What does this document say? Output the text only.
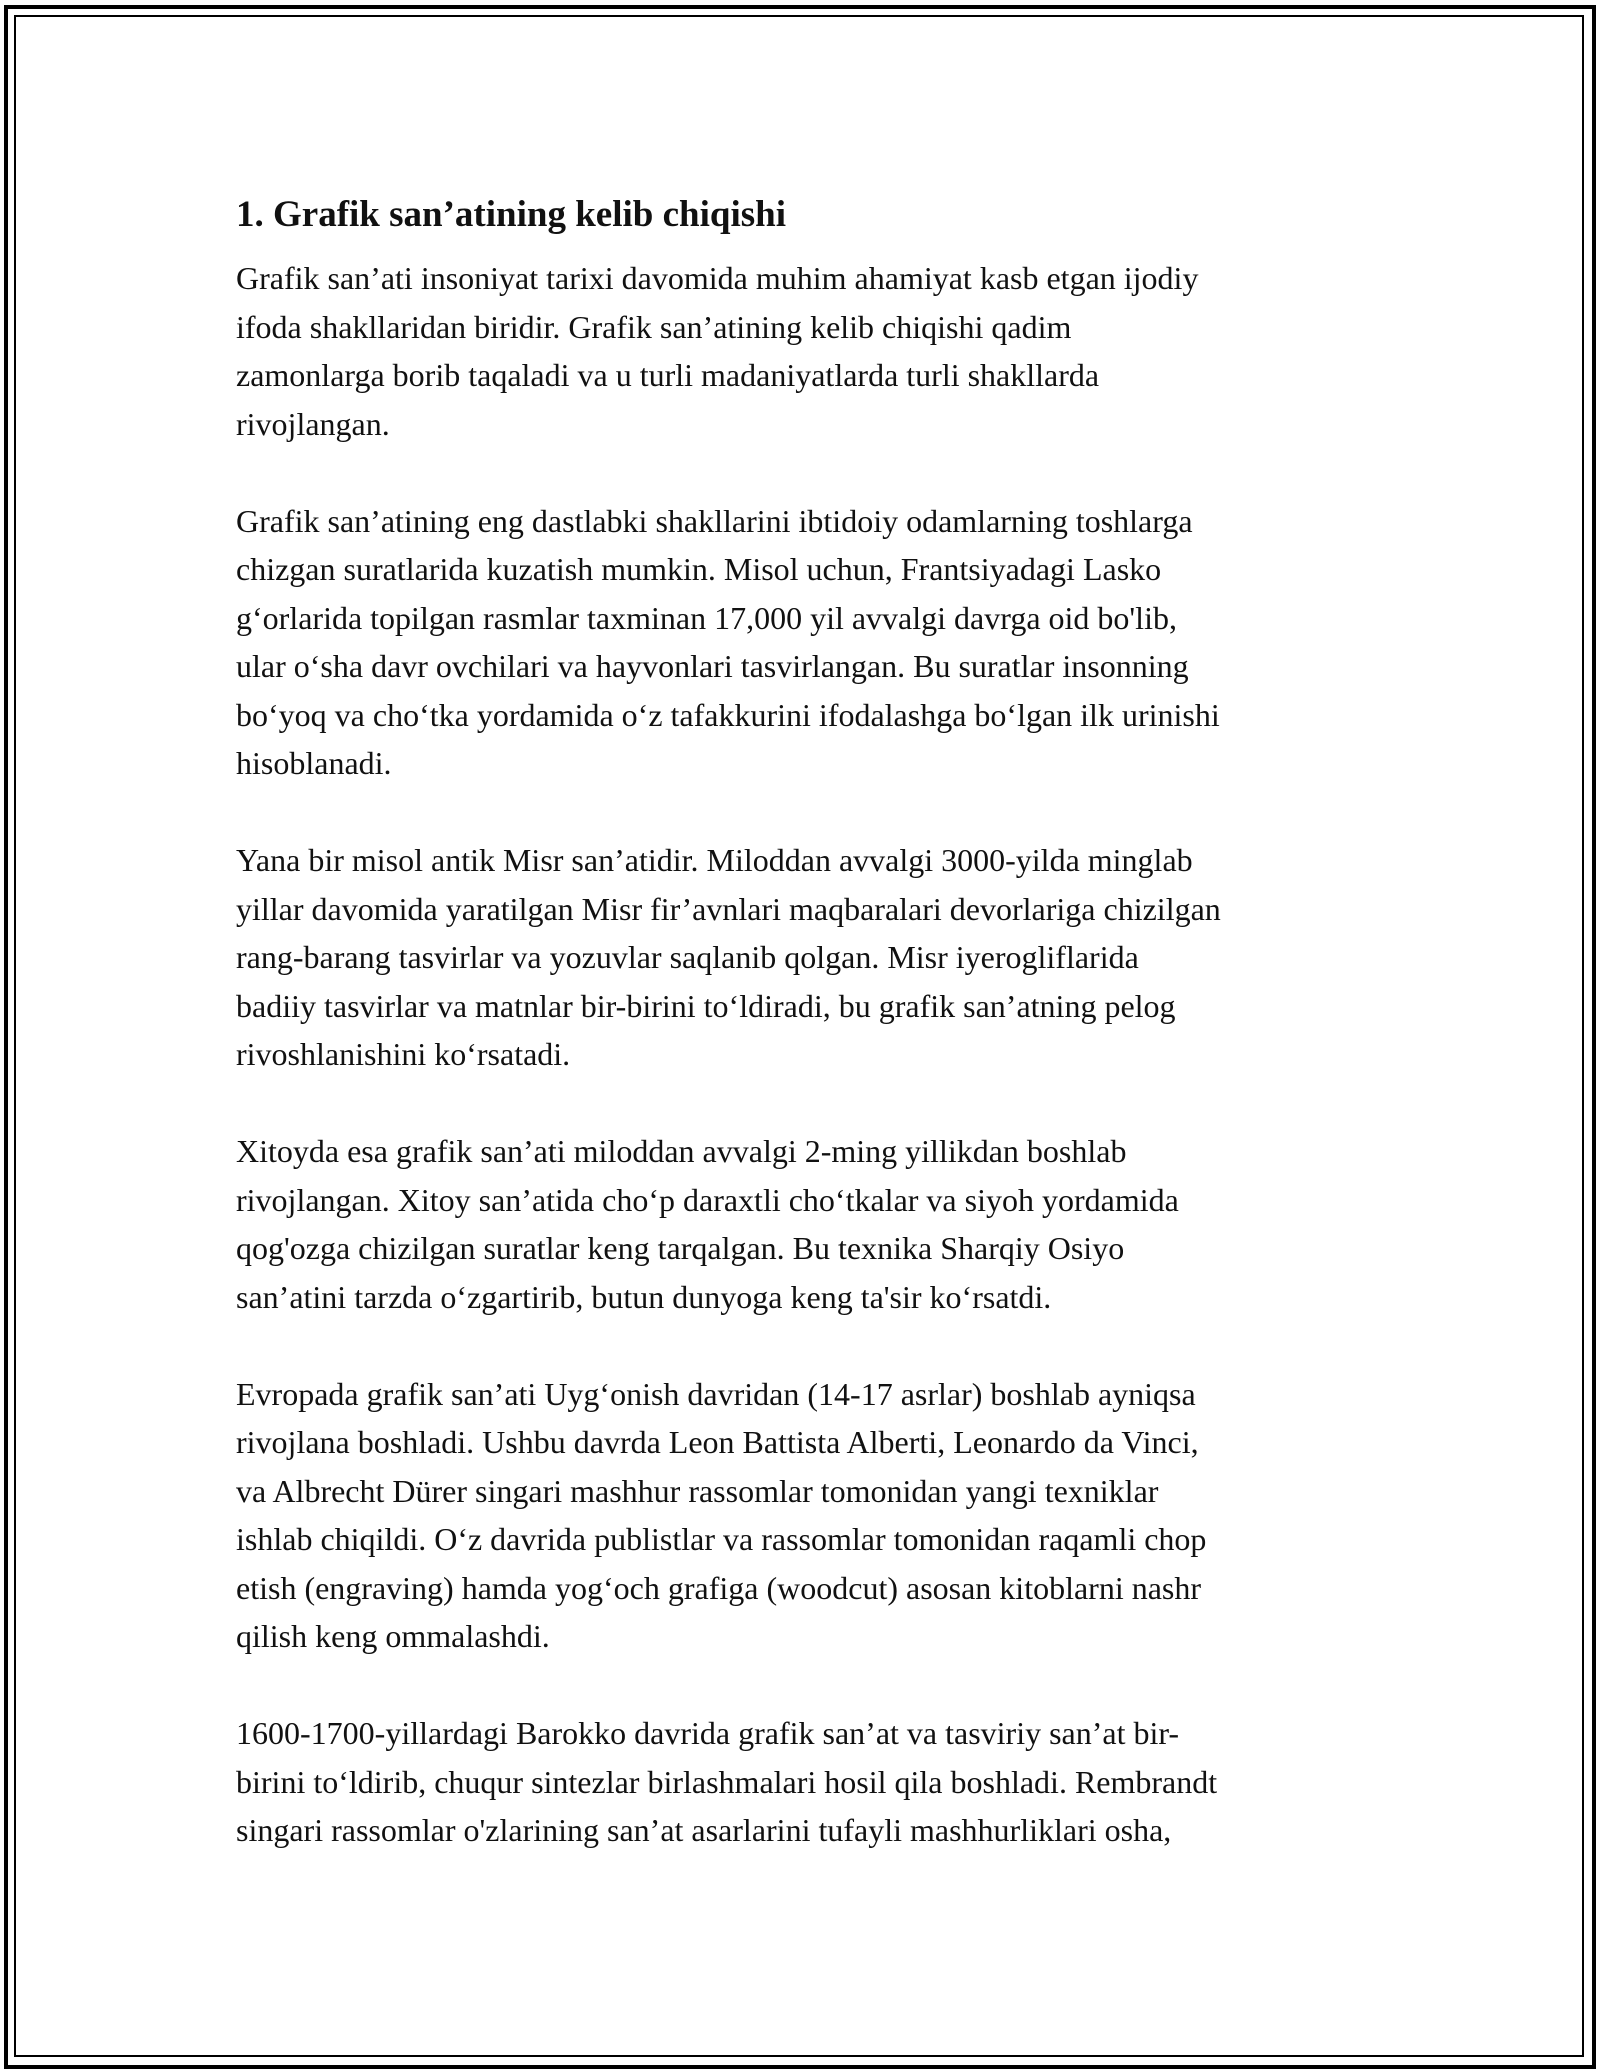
1. Grafik san’atining kelib chiqishi

Grafik san’ati insoniyat tarixi davomida muhim ahamiyat kasb etgan ijodiy
ifoda shakllaridan biridir. Grafik san’atining kelib chiqishi qadim
zamonlarga borib taqaladi va u turli madaniyatlarda turli shakllarda
rivojlangan.

Grafik san’atining eng dastlabki shakllarini ibtidoiy odamlarning toshlarga
chizgan suratlarida kuzatish mumkin. Misol uchun, Frantsiyadagi Lasko
g‘orlarida topilgan rasmlar taxminan 17,000 yil avvalgi davrga oid bo'lib,
ular o‘sha davr ovchilari va hayvonlari tasvirlangan. Bu suratlar insonning
bo‘yoq va cho‘tka yordamida o‘z tafakkurini ifodalashga bo‘lgan ilk urinishi
hisoblanadi.

Yana bir misol antik Misr san’atidir. Miloddan avvalgi 3000-yilda minglab
yillar davomida yaratilgan Misr fir’avnlari maqbaralari devorlariga chizilgan
rang-barang tasvirlar va yozuvlar saqlanib qolgan. Misr iyerogliflarida
badiiy tasvirlar va matnlar bir-birini to‘ldiradi, bu grafik san’atning pelog
rivoshlanishini ko‘rsatadi.

Xitoyda esa grafik san’ati miloddan avvalgi 2-ming yillikdan boshlab
rivojlangan. Xitoy san’atida cho‘p daraxtli cho‘tkalar va siyoh yordamida
qog'ozga chizilgan suratlar keng tarqalgan. Bu texnika Sharqiy Osiyo
san’atini tarzda o‘zgartirib, butun dunyoga keng ta'sir ko‘rsatdi.

Evropada grafik san’ati Uyg‘onish davridan (14-17 asrlar) boshlab ayniqsa
rivojlana boshladi. Ushbu davrda Leon Battista Alberti, Leonardo da Vinci,
va Albrecht Dürer singari mashhur rassomlar tomonidan yangi texniklar
ishlab chiqildi. O‘z davrida publistlar va rassomlar tomonidan raqamli chop
etish (engraving) hamda yog‘och grafiga (woodcut) asosan kitoblarni nashr
qilish keng ommalashdi.

1600-1700-yillardagi Barokko davrida grafik san’at va tasviriy san’at bir-
birini to‘ldirib, chuqur sintezlar birlashmalari hosil qila boshladi. Rembrandt
singari rassomlar o'zlarining san’at asarlarini tufayli mashhurliklari osha,
